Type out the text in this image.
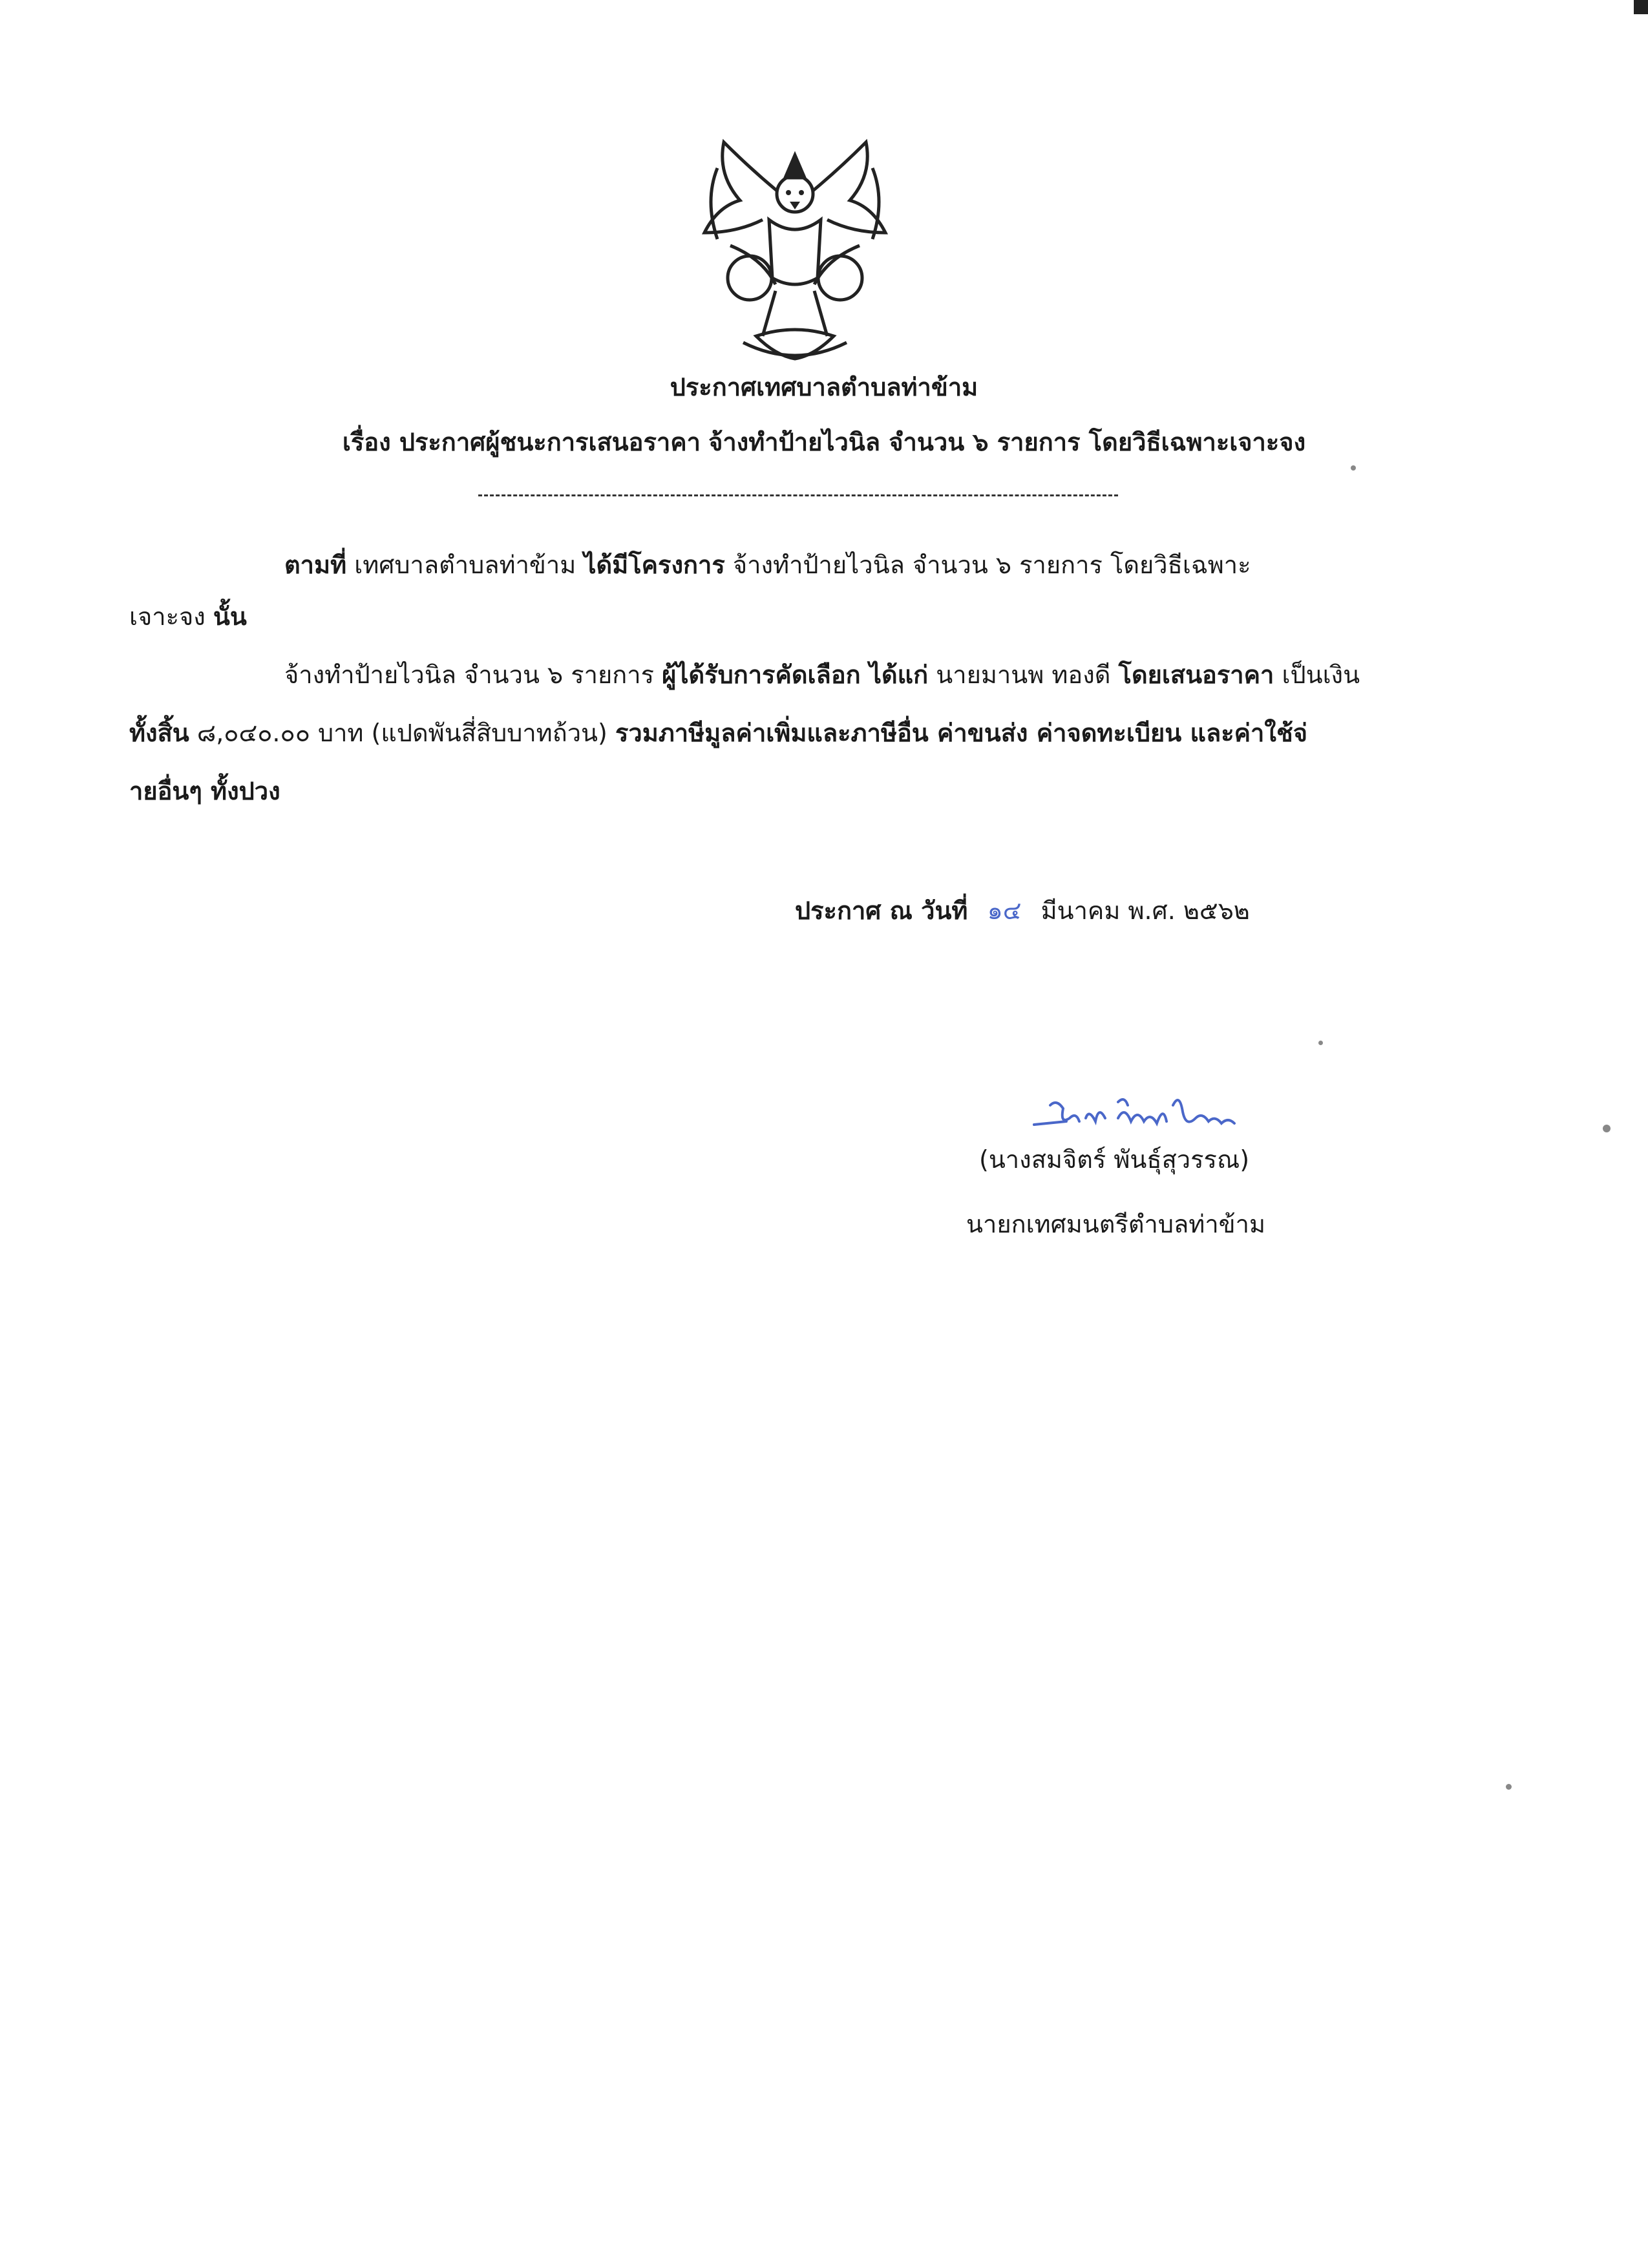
ประกาศเทศบาลตำบลท่าข้าม
เรื่อง ประกาศผู้ชนะการเสนอราคา จ้างทำป้ายไวนิล จำนวน ๖ รายการ โดยวิธีเฉพาะเจาะจง
ตามที่ เทศบาลตำบลท่าข้าม ได้มีโครงการ จ้างทำป้ายไวนิล จำนวน ๖ รายการ โดยวิธีเฉพาะ
เจาะจง นั้น
จ้างทำป้ายไวนิล จำนวน ๖ รายการ ผู้ได้รับการคัดเลือก ได้แก่ นายมานพ ทองดี โดยเสนอราคา เป็นเงิน
ทั้งสิ้น ๘,๐๔๐.๐๐ บาท (แปดพันสี่สิบบาทถ้วน) รวมภาษีมูลค่าเพิ่มและภาษีอื่น ค่าขนส่ง ค่าจดทะเบียน และค่าใช้จ่
ายอื่นๆ ทั้งปวง
ประกาศ ณ วันที่ ๑๔ มีนาคม พ.ศ. ๒๕๖๒
(นางสมจิตร์ พันธุ์สุวรรณ)
นายกเทศมนตรีตำบลท่าข้าม
